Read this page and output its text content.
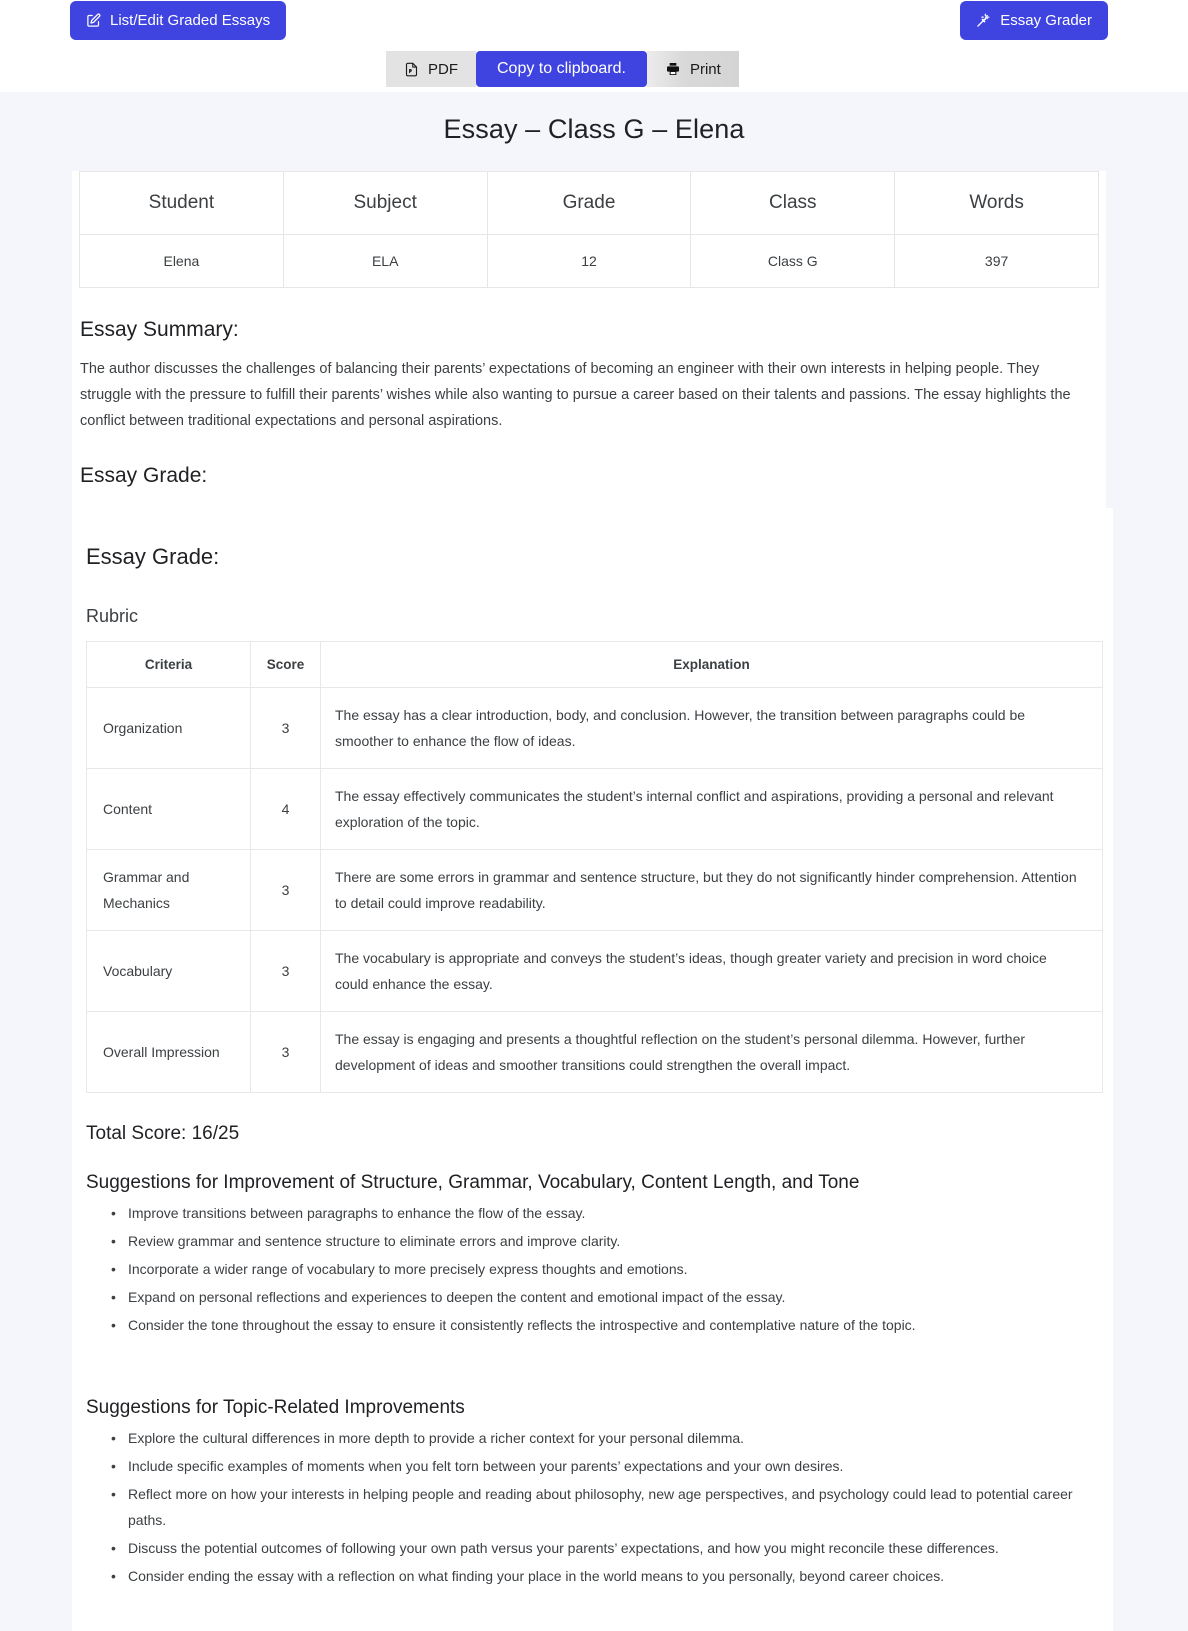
List/Edit Graded Essays	Essay Grader
PDF	Copy to clipboard.	Print
Essay – Class G – Elena
Student	Subject	Grade	Class	Words
Elena	ELA	12	Class G	397
Essay Summary:

The author discusses the challenges of balancing their parents’ expectations of becoming an engineer with their own interests in helping people. They struggle with the pressure to fulfill their parents’ wishes while also wanting to pursue a career based on their talents and passions. The essay highlights the conflict between traditional expectations and personal aspirations.

Essay Grade:
Essay Grade:
Rubric
Criteria	Score	Explanation
Organization	3	The essay has a clear introduction, body, and conclusion. However, the transition between paragraphs could be smoother to enhance the flow of ideas.
Content	4	The essay effectively communicates the student’s internal conflict and aspirations, providing a personal and relevant exploration of the topic.
Grammar and Mechanics	3	There are some errors in grammar and sentence structure, but they do not significantly hinder comprehension. Attention to detail could improve readability.
Vocabulary	3	The vocabulary is appropriate and conveys the student’s ideas, though greater variety and precision in word choice could enhance the essay.
Overall Impression	3	The essay is engaging and presents a thoughtful reflection on the student’s personal dilemma. However, further development of ideas and smoother transitions could strengthen the overall impact.
Total Score: 16/25
Suggestions for Improvement of Structure, Grammar, Vocabulary, Content Length, and Tone
• Improve transitions between paragraphs to enhance the flow of the essay.
• Review grammar and sentence structure to eliminate errors and improve clarity.
• Incorporate a wider range of vocabulary to more precisely express thoughts and emotions.
• Expand on personal reflections and experiences to deepen the content and emotional impact of the essay.
• Consider the tone throughout the essay to ensure it consistently reflects the introspective and contemplative nature of the topic.
Suggestions for Topic-Related Improvements
• Explore the cultural differences in more depth to provide a richer context for your personal dilemma.
• Include specific examples of moments when you felt torn between your parents’ expectations and your own desires.
• Reflect more on how your interests in helping people and reading about philosophy, new age perspectives, and psychology could lead to potential career paths.
• Discuss the potential outcomes of following your own path versus your parents’ expectations, and how you might reconcile these differences.
• Consider ending the essay with a reflection on what finding your place in the world means to you personally, beyond career choices.
